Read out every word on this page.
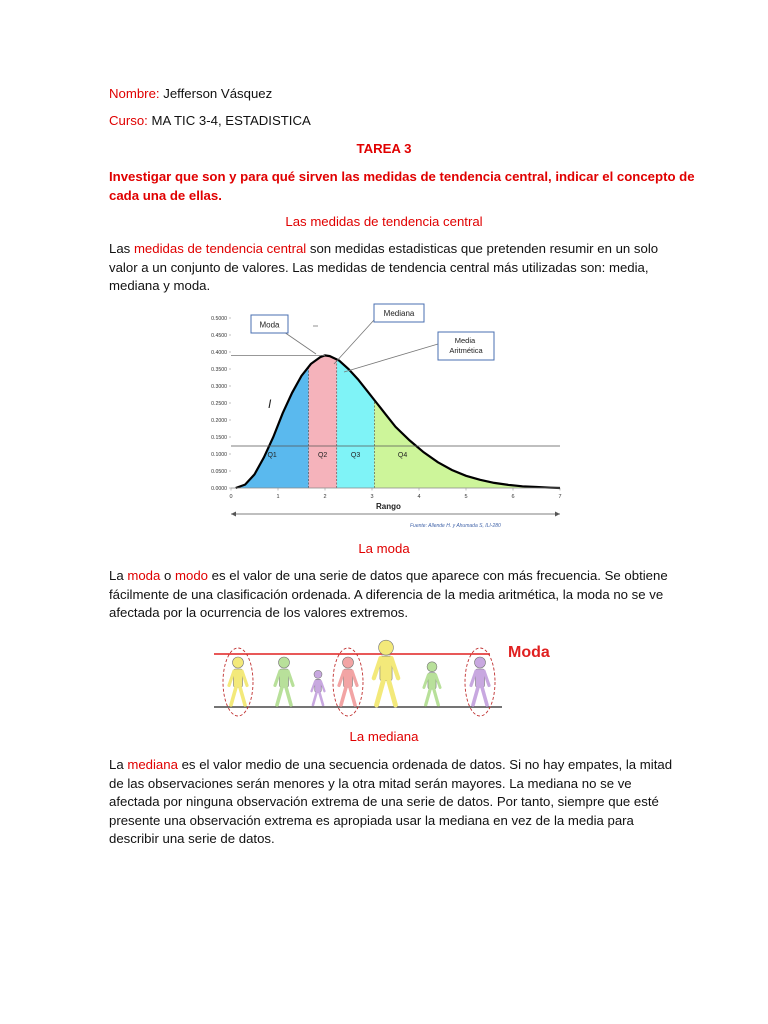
Nombre: Jefferson Vásquez
Curso: MA TIC 3-4, ESTADISTICA
TAREA 3
Investigar que son y para qué sirven las medidas de tendencia central, indicar el concepto de
cada una de ellas.
Las medidas de tendencia central
Las medidas de tendencia central son medidas estadisticas que pretenden resumir en un solo
valor a un conjunto de valores. Las medidas de tendencia central más utilizadas son: media,
mediana y moda.
0.0000
0.0500
0.1000
0.1500
0.2000
0.2500
0.3000
0.3500
0.4000
0.4500
0.5000
0	1	2	3	4	5	6	7
Q1	Q2	Q3	Q4
Rango
I
Fuente: Allende H. y Ahumada S, ILI-280
Moda
Mediana
Media Aritmética
La moda
La moda o modo es el valor de una serie de datos que aparece con más frecuencia. Se obtiene
fácilmente de una clasificación ordenada. A diferencia de la media aritmética, la moda no se ve
afectada por la ocurrencia de los valores extremos.
Moda
La mediana
La mediana es el valor medio de una secuencia ordenada de datos. Si no hay empates, la mitad
de las observaciones serán menores y la otra mitad serán mayores. La mediana no se ve
afectada por ninguna observación extrema de una serie de datos. Por tanto, siempre que esté
presente una observación extrema es apropiada usar la mediana en vez de la media para
describir una serie de datos.
